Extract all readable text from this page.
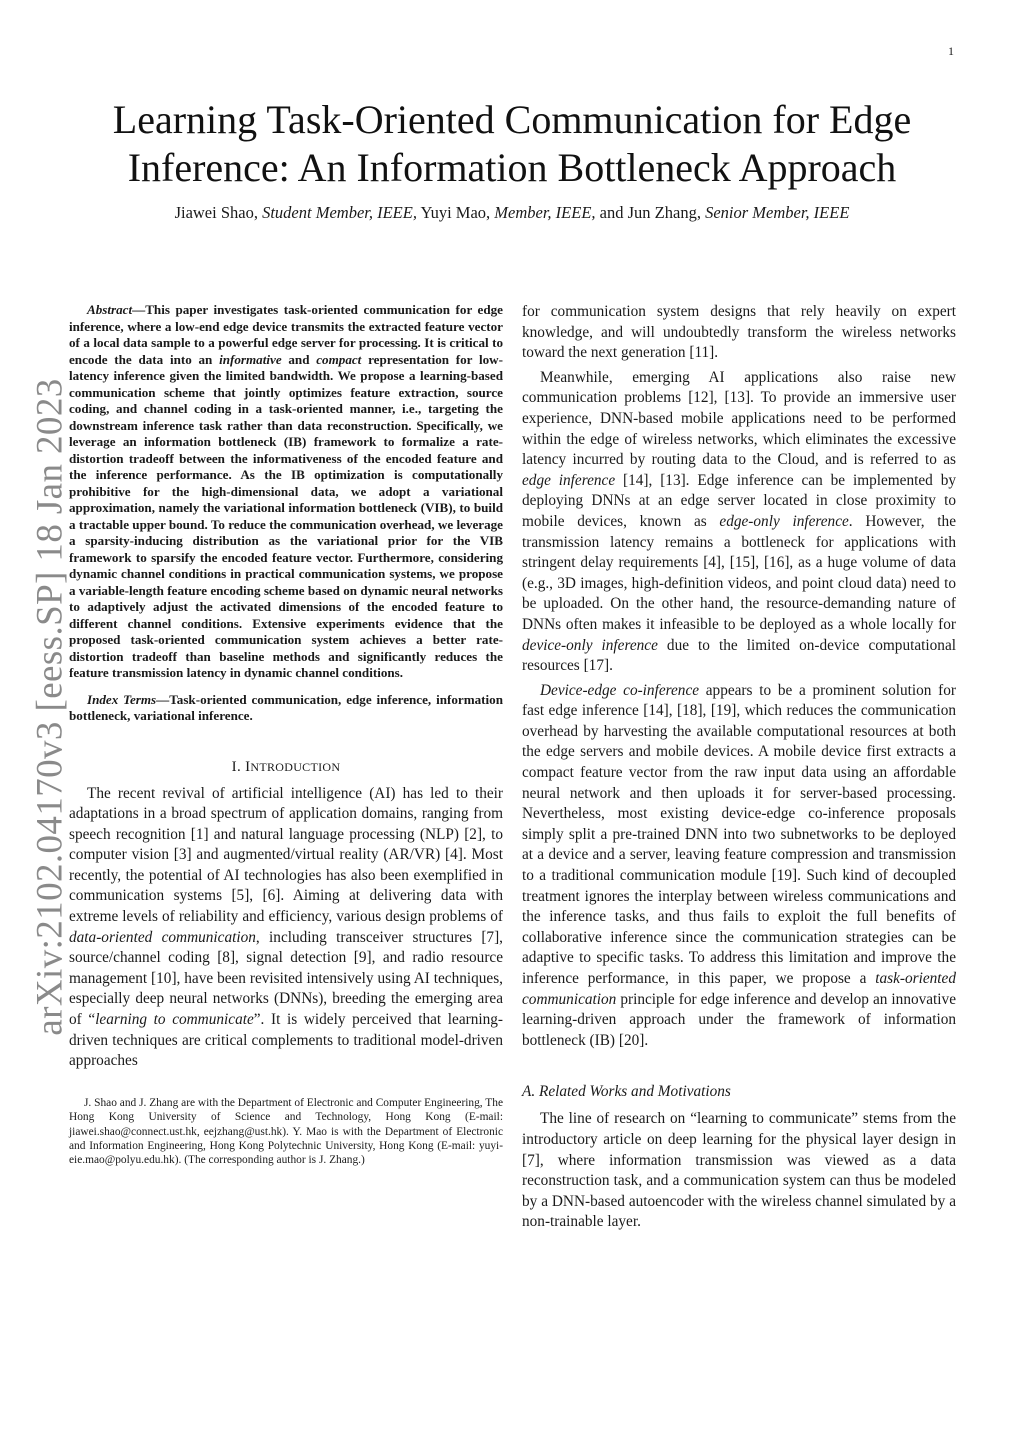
1
arXiv:2102.04170v3 [eess.SP] 18 Jan 2023
Learning Task-Oriented Communication for Edge
Inference: An Information Bottleneck Approach
Jiawei Shao, Student Member, IEEE, Yuyi Mao, Member, IEEE, and Jun Zhang, Senior Member, IEEE

Abstract—This paper investigates task-oriented communication for edge inference, where a low-end edge device transmits the extracted feature vector of a local data sample to a powerful edge server for processing. It is critical to encode the data into an informative and compact representation for low-latency inference given the limited bandwidth. We propose a learning-based communication scheme that jointly optimizes feature extraction, source coding, and channel coding in a task-oriented manner, i.e., targeting the downstream inference task rather than data reconstruction. Specifically, we leverage an information bottleneck (IB) framework to formalize a rate-distortion tradeoff between the informativeness of the encoded feature and the inference performance. As the IB optimization is computationally prohibitive for the high-dimensional data, we adopt a variational approximation, namely the variational information bottleneck (VIB), to build a tractable upper bound. To reduce the communication overhead, we leverage a sparsity-inducing distribution as the variational prior for the VIB framework to sparsify the encoded feature vector. Furthermore, considering dynamic channel conditions in practical communication systems, we propose a variable-length feature encoding scheme based on dynamic neural networks to adaptively adjust the activated dimensions of the encoded feature to different channel conditions. Extensive experiments evidence that the proposed task-oriented communication system achieves a better rate-distortion tradeoff than baseline methods and significantly reduces the feature transmission latency in dynamic channel conditions.

Index Terms—Task-oriented communication, edge inference, information bottleneck, variational inference.

I. INTRODUCTION

The recent revival of artificial intelligence (AI) has led to their adaptations in a broad spectrum of application domains, ranging from speech recognition [1] and natural language processing (NLP) [2], to computer vision [3] and augmented/virtual reality (AR/VR) [4]. Most recently, the potential of AI technologies has also been exemplified in communication systems [5], [6]. Aiming at delivering data with extreme levels of reliability and efficiency, various design problems of data-oriented communication, including transceiver structures [7], source/channel coding [8], signal detection [9], and radio resource management [10], have been revisited intensively using AI techniques, especially deep neural networks (DNNs), breeding the emerging area of “learning to communicate”. It is widely perceived that learning-driven techniques are critical complements to traditional model-driven approaches

J. Shao and J. Zhang are with the Department of Electronic and Computer Engineering, The Hong Kong University of Science and Technology, Hong Kong (E-mail: jiawei.shao@connect.ust.hk, eejzhang@ust.hk). Y. Mao is with the Department of Electronic and Information Engineering, Hong Kong Polytechnic University, Hong Kong (E-mail: yuyi-eie.mao@polyu.edu.hk). (The corresponding author is J. Zhang.)

for communication system designs that rely heavily on expert knowledge, and will undoubtedly transform the wireless networks toward the next generation [11].

Meanwhile, emerging AI applications also raise new communication problems [12], [13]. To provide an immersive user experience, DNN-based mobile applications need to be performed within the edge of wireless networks, which eliminates the excessive latency incurred by routing data to the Cloud, and is referred to as edge inference [14], [13]. Edge inference can be implemented by deploying DNNs at an edge server located in close proximity to mobile devices, known as edge-only inference. However, the transmission latency remains a bottleneck for applications with stringent delay requirements [4], [15], [16], as a huge volume of data (e.g., 3D images, high-definition videos, and point cloud data) need to be uploaded. On the other hand, the resource-demanding nature of DNNs often makes it infeasible to be deployed as a whole locally for device-only inference due to the limited on-device computational resources [17].

Device-edge co-inference appears to be a prominent solution for fast edge inference [14], [18], [19], which reduces the communication overhead by harvesting the available computational resources at both the edge servers and mobile devices. A mobile device first extracts a compact feature vector from the raw input data using an affordable neural network and then uploads it for server-based processing. Nevertheless, most existing device-edge co-inference proposals simply split a pre-trained DNN into two subnetworks to be deployed at a device and a server, leaving feature compression and transmission to a traditional communication module [19]. Such kind of decoupled treatment ignores the interplay between wireless communications and the inference tasks, and thus fails to exploit the full benefits of collaborative inference since the communication strategies can be adaptive to specific tasks. To address this limitation and improve the inference performance, in this paper, we propose a task-oriented communication principle for edge inference and develop an innovative learning-driven approach under the framework of information bottleneck (IB) [20].

A. Related Works and Motivations

The line of research on “learning to communicate” stems from the introductory article on deep learning for the physical layer design in [7], where information transmission was viewed as a data reconstruction task, and a communication system can thus be modeled by a DNN-based autoencoder with the wireless channel simulated by a non-trainable layer.
